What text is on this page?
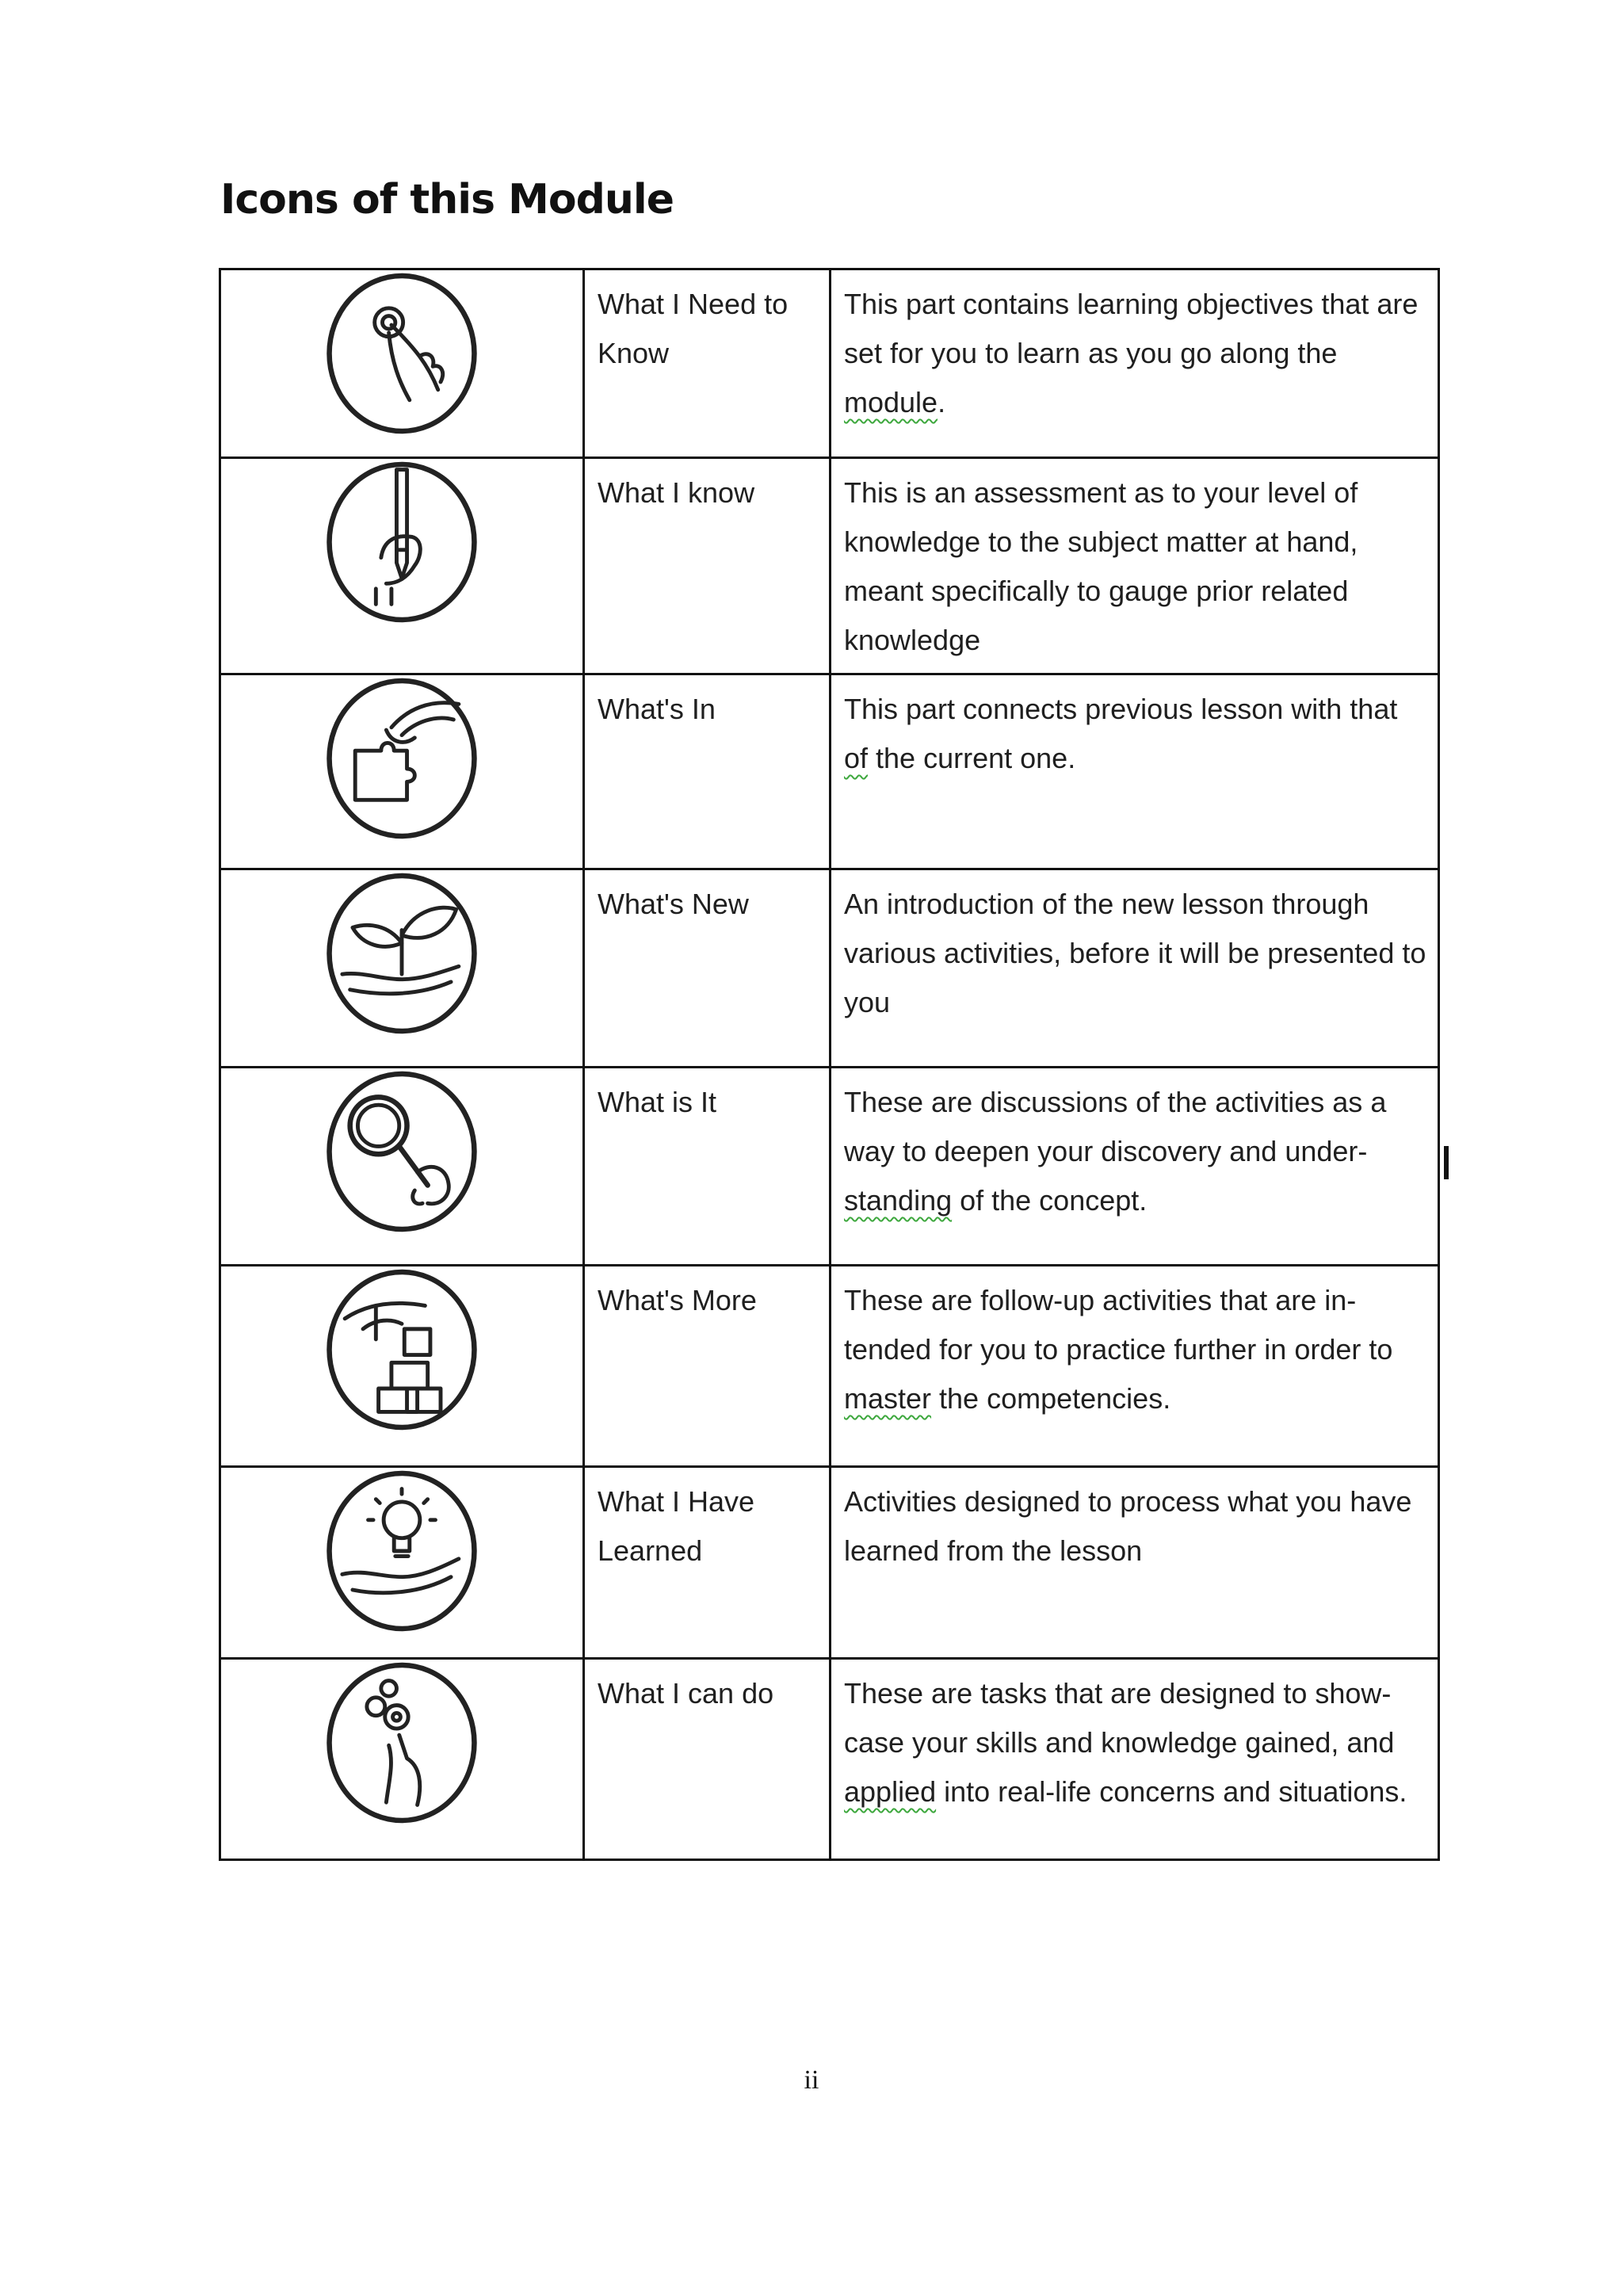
Icons of this Module

What I Need to Know	This part contains learning objectives that are set for you to learn as you go along the module.

What I know	This is an assessment as to your level of knowledge to the subject matter at hand, meant specifically to gauge prior related knowledge

What's In	This part connects previous lesson with that of the current one.

What's New	An introduction of the new lesson through various activities, before it will be presented to you

What is It	These are discussions of the activities as a way to deepen your discovery and under-standing of the concept.

What's More	These are follow-up activities that are in-tended for you to practice further in order to master the competencies.

What I Have Learned	Activities designed to process what you have learned from the lesson

What I can do	These are tasks that are designed to show-case your skills and knowledge gained, and applied into real-life concerns and situations.
ii
